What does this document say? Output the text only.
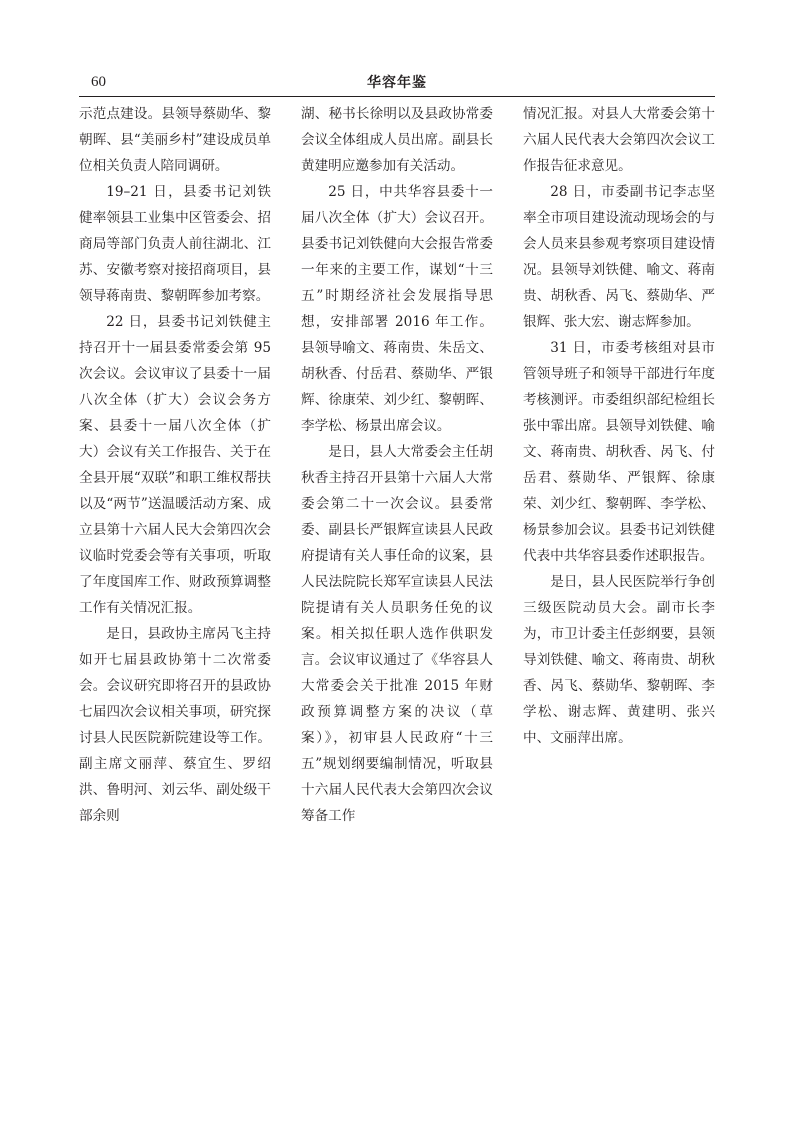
60	华容年鉴

示范点建设。县领导蔡勋华、黎朝晖、县“美丽乡村”建设成员单位相关负责人陪同调研。

19–21 日，县委书记刘铁健率领县工业集中区管委会、招商局等部门负责人前往湖北、江苏、安徽考察对接招商项目，县领导蒋南贵、黎朝晖参加考察。

22 日，县委书记刘铁健主持召开十一届县委常委会第 95 次会议。会议审议了县委十一届八次全体（扩大）会议会务方案、县委十一届八次全体（扩大）会议有关工作报告、关于在全县开展“双联”和职工维权帮扶以及“两节”送温暖活动方案、成立县第十六届人民大会第四次会议临时党委会等有关事项，听取了年度国库工作、财政预算调整工作有关情况汇报。

是日，县政协主席呙飞主持如开七届县政协第十二次常委会。会议研究即将召开的县政协七届四次会议相关事项，研究探讨县人民医院新院建设等工作。副主席文丽萍、蔡宜生、罗绍洪、鲁明河、刘云华、副处级干部余则

湖、秘书长徐明以及县政协常委会议全体组成人员出席。副县长黄建明应邀参加有关活动。

25 日，中共华容县委十一届八次全体（扩大）会议召开。县委书记刘铁健向大会报告常委一年来的主要工作，谋划“十三五”时期经济社会发展指导思想，安排部署 2016 年工作。县领导喻文、蒋南贵、朱岳文、胡秋香、付岳君、蔡勋华、严银辉、徐康荣、刘少红、黎朝晖、李学松、杨景出席会议。

是日，县人大常委会主任胡秋香主持召开县第十六届人大常委会第二十一次会议。县委常委、副县长严银辉宣读县人民政府提请有关人事任命的议案，县人民法院院长郑军宣读县人民法院提请有关人员职务任免的议案。相关拟任职人选作供职发言。会议审议通过了《华容县人大常委会关于批准 2015 年财政预算调整方案的决议（草案）》，初审县人民政府“十三五”规划纲要编制情况，听取县十六届人民代表大会第四次会议筹备工作

情况汇报。对县人大常委会第十六届人民代表大会第四次会议工作报告征求意见。

28 日，市委副书记李志坚率全市项目建设流动现场会的与会人员来县参观考察项目建设情况。县领导刘铁健、喻文、蒋南贵、胡秋香、呙飞、蔡勋华、严银辉、张大宏、谢志辉参加。

31 日，市委考核组对县市管领导班子和领导干部进行年度考核测评。市委组织部纪检组长张中霏出席。县领导刘铁健、喻文、蒋南贵、胡秋香、呙飞、付岳君、蔡勋华、严银辉、徐康荣、刘少红、黎朝晖、李学松、杨景参加会议。县委书记刘铁健代表中共华容县委作述职报告。

是日，县人民医院举行争创三级医院动员大会。副市长李为，市卫计委主任彭纲要，县领导刘铁健、喻文、蒋南贵、胡秋香、呙飞、蔡勋华、黎朝晖、李学松、谢志辉、黄建明、张兴中、文丽萍出席。
